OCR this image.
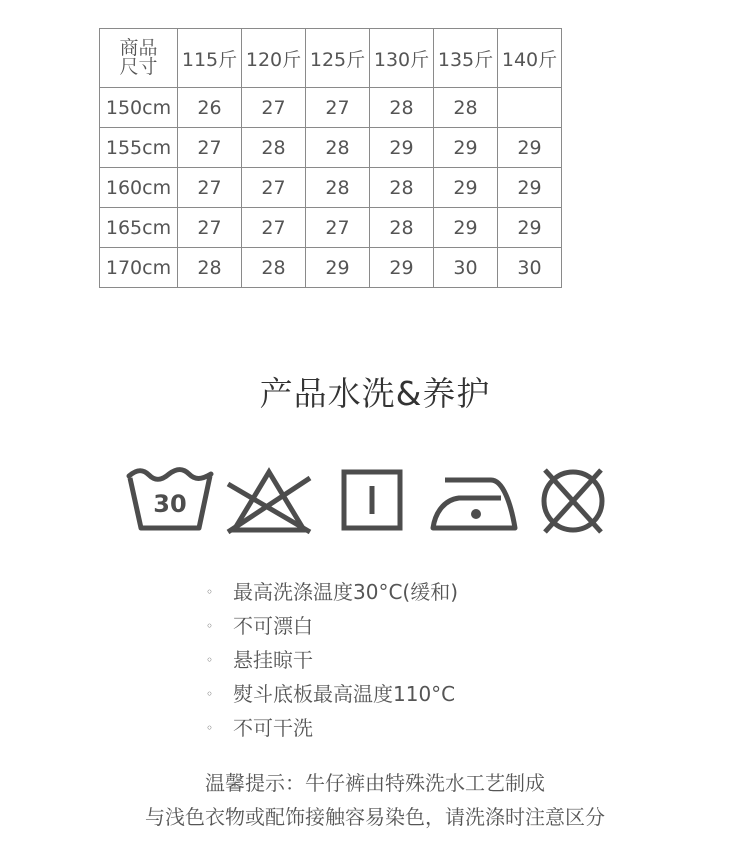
商品
尺寸	115斤	120斤	125斤	130斤	135斤	140斤
150cm	26	27	27	28	28	
155cm	27	28	28	29	29	29
160cm	27	27	28	28	29	29
165cm	27	27	27	28	29	29
170cm	28	28	29	29	30	30
产品水洗&养护
30
◦ 最高洗涤温度30°C(缓和)
◦ 不可漂白
◦ 悬挂晾干
◦ 熨斗底板最高温度110°C
◦ 不可干洗
温馨提示：牛仔裤由特殊洗水工艺制成
与浅色衣物或配饰接触容易染色，请洗涤时注意区分
